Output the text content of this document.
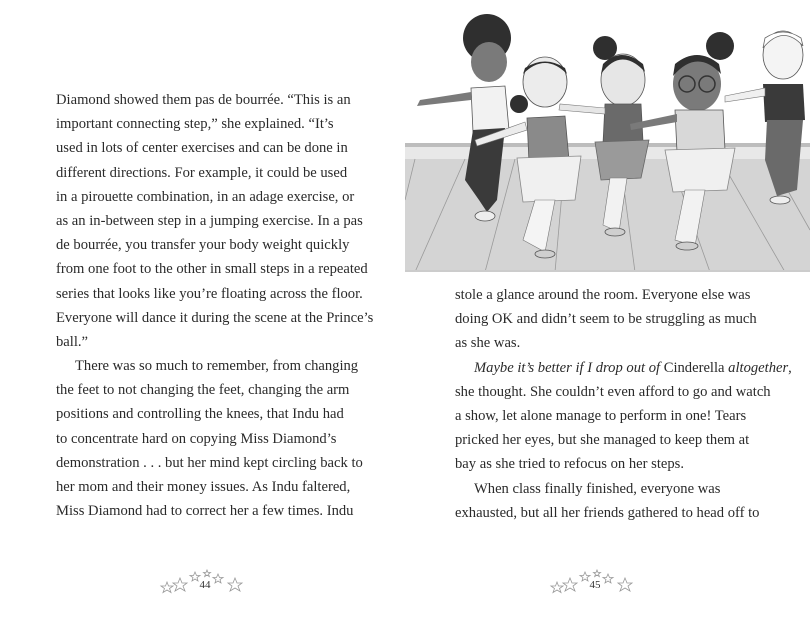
Diamond showed them pas de bourrée. “This is an
important connecting step,” she explained. “It’s
used in lots of center exercises and can be done in
different directions. For example, it could be used
in a pirouette combination, in an adage exercise, or
as an in-between step in a jumping exercise. In a pas
de bourrée, you transfer your body weight quickly
from one foot to the other in small steps in a repeated
series that looks like you’re floating across the floor.
Everyone will dance it during the scene at the Prince’s
ball.”
There was so much to remember, from changing
the feet to not changing the feet, changing the arm
positions and controlling the knees, that Indu had
to concentrate hard on copying Miss Diamond’s
demonstration . . . but her mind kept circling back to
her mom and their money issues. As Indu faltered,
Miss Diamond had to correct her a few times. Indu
44
stole a glance around the room. Everyone else was
doing OK and didn’t seem to be struggling as much
as she was.
Maybe it’s better if I drop out of Cinderella altogether,
she thought. She couldn’t even afford to go and watch
a show, let alone manage to perform in one! Tears
pricked her eyes, but she managed to keep them at
bay as she tried to refocus on her steps.
When class finally finished, everyone was
exhausted, but all her friends gathered to head off to
45
